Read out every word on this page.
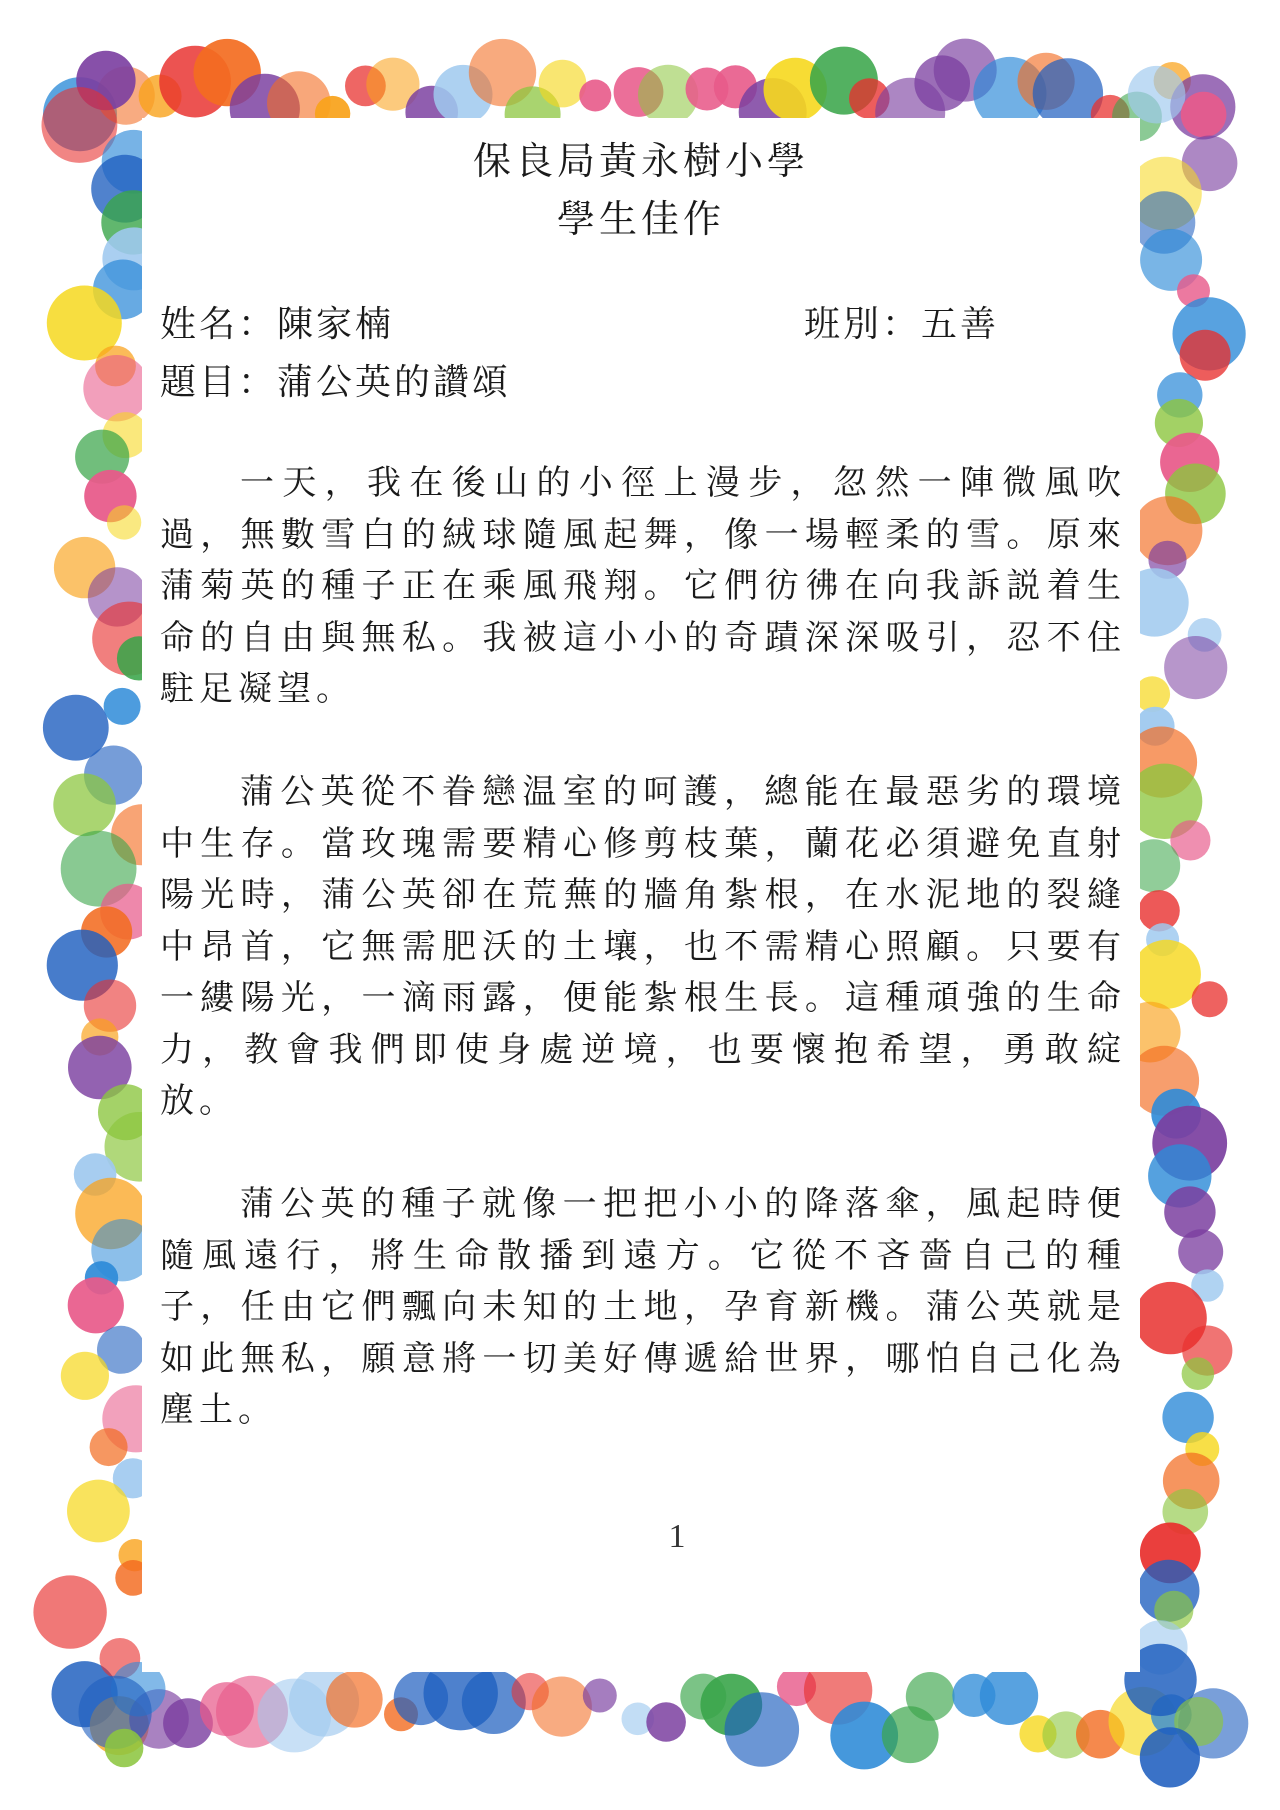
保良局黃永樹小學
學生佳作
姓名：陳家楠	班別：五善
題目：蒲公英的讚頌

一天，我在後山的小徑上漫步，忽然一陣微風吹過，無數雪白的絨球隨風起舞，像一場輕柔的雪。原來蒲菊英的種子正在乘風飛翔。它們彷彿在向我訴説着生命的自由與無私。我被這小小的奇蹟深深吸引，忍不住駐足凝望。

蒲公英從不眷戀温室的呵護，總能在最惡劣的環境中生存。當玫瑰需要精心修剪枝葉，蘭花必須避免直射陽光時，蒲公英卻在荒蕪的牆角紮根，在水泥地的裂縫中昂首，它無需肥沃的土壤，也不需精心照顧。只要有一縷陽光，一滴雨露，便能紮根生長。這種頑強的生命力，教會我們即使身處逆境，也要懷抱希望，勇敢綻放。

蒲公英的種子就像一把把小小的降落傘，風起時便隨風遠行，將生命散播到遠方。它從不吝嗇自己的種子，任由它們飄向未知的土地，孕育新機。蒲公英就是如此無私，願意將一切美好傳遞給世界，哪怕自己化為塵土。

1
